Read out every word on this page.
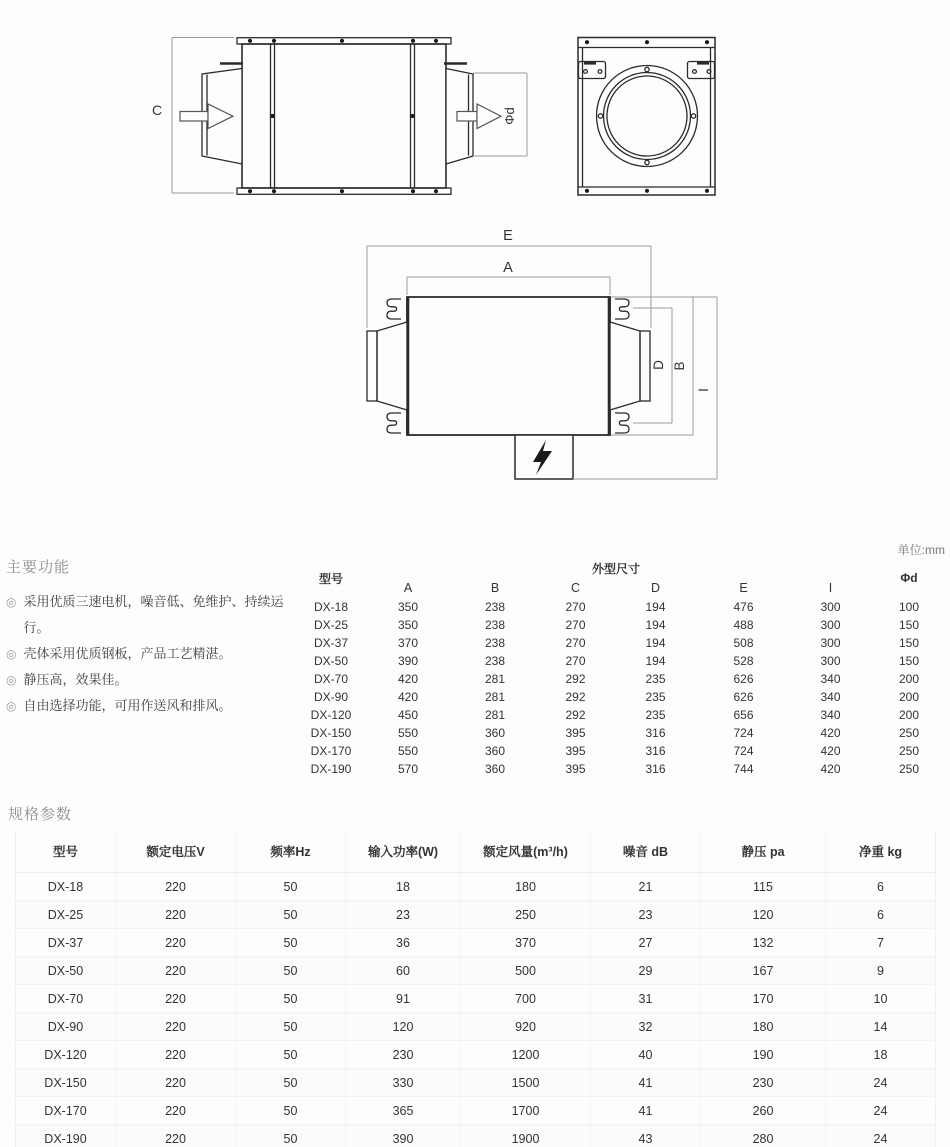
C	Φd
E
A
D B
I
单位:mm
主要功能
◎ 采用优质三速电机，噪音低、免维护、持续运行。
◎ 壳体采用优质钢板，产品工艺精湛。
◎ 静压高，效果佳。
◎ 自由选择功能，可用作送风和排风。
型号	外型尺寸						Φd
	A	B	C	D	E	I	
DX-18	350	238	270	194	476	300	100
DX-25	350	238	270	194	488	300	150
DX-37	370	238	270	194	508	300	150
DX-50	390	238	270	194	528	300	150
DX-70	420	281	292	235	626	340	200
DX-90	420	281	292	235	626	340	200
DX-120	450	281	292	235	656	340	200
DX-150	550	360	395	316	724	420	250
DX-170	550	360	395	316	724	420	250
DX-190	570	360	395	316	744	420	250
规格参数
型号	额定电压V	频率Hz	输入功率(W)	额定风量(m³/h)	噪音 dB	静压 pa	净重 kg
DX-18	220	50	18	180	21	115	6
DX-25	220	50	23	250	23	120	6
DX-37	220	50	36	370	27	132	7
DX-50	220	50	60	500	29	167	9
DX-70	220	50	91	700	31	170	10
DX-90	220	50	120	920	32	180	14
DX-120	220	50	230	1200	40	190	18
DX-150	220	50	330	1500	41	230	24
DX-170	220	50	365	1700	41	260	24
DX-190	220	50	390	1900	43	280	24
